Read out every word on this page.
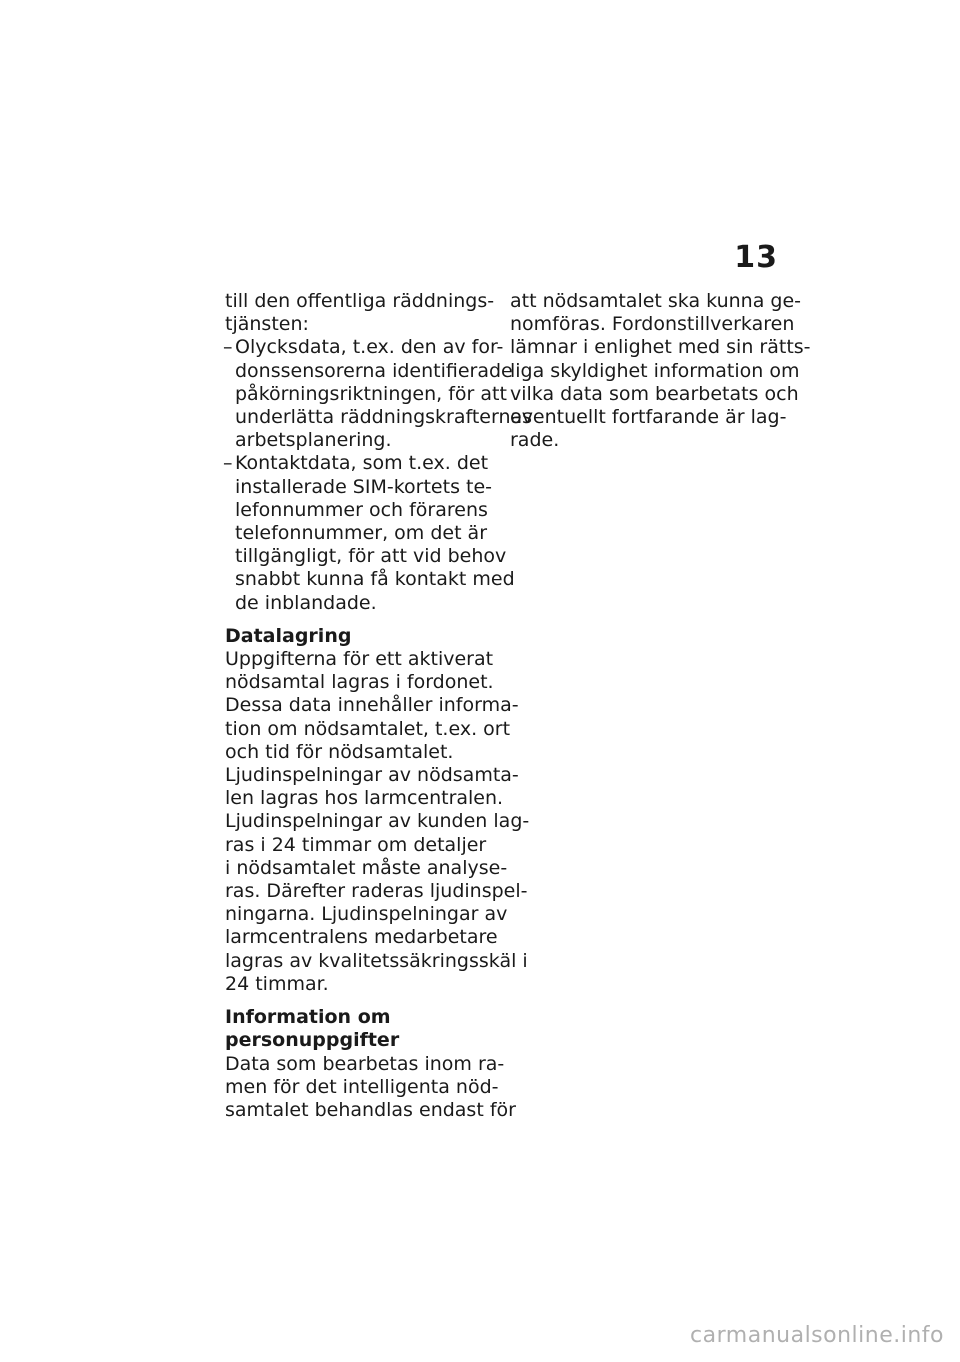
13
till den offentliga räddnings-
tjänsten:
– Olycksdata, t.ex. den av for-
donssensorerna identifierade
påkörningsriktningen, för att
underlätta räddningskrafternas
arbetsplanering.
– Kontaktdata, som t.ex. det
installerade SIM-kortets te-
lefonnummer och förarens
telefonnummer, om det är
tillgängligt, för att vid behov
snabbt kunna få kontakt med
de inblandade.
Datalagring
Uppgifterna för ett aktiverat
nödsamtal lagras i fordonet.
Dessa data innehåller informa-
tion om nödsamtalet, t.ex. ort
och tid för nödsamtalet.
Ljudinspelningar av nödsamta-
len lagras hos larmcentralen.
Ljudinspelningar av kunden lag-
ras i 24 timmar om detaljer
i nödsamtalet måste analyse-
ras. Därefter raderas ljudinspel-
ningarna. Ljudinspelningar av
larmcentralens medarbetare
lagras av kvalitetssäkringsskäl i
24 timmar.
Information om
personuppgifter
Data som bearbetas inom ra-
men för det intelligenta nöd-
samtalet behandlas endast för
att nödsamtalet ska kunna ge-
nomföras. Fordonstillverkaren
lämnar i enlighet med sin rätts-
liga skyldighet information om
vilka data som bearbetats och
eventuellt fortfarande är lag-
rade.
carmanualsonline.info
